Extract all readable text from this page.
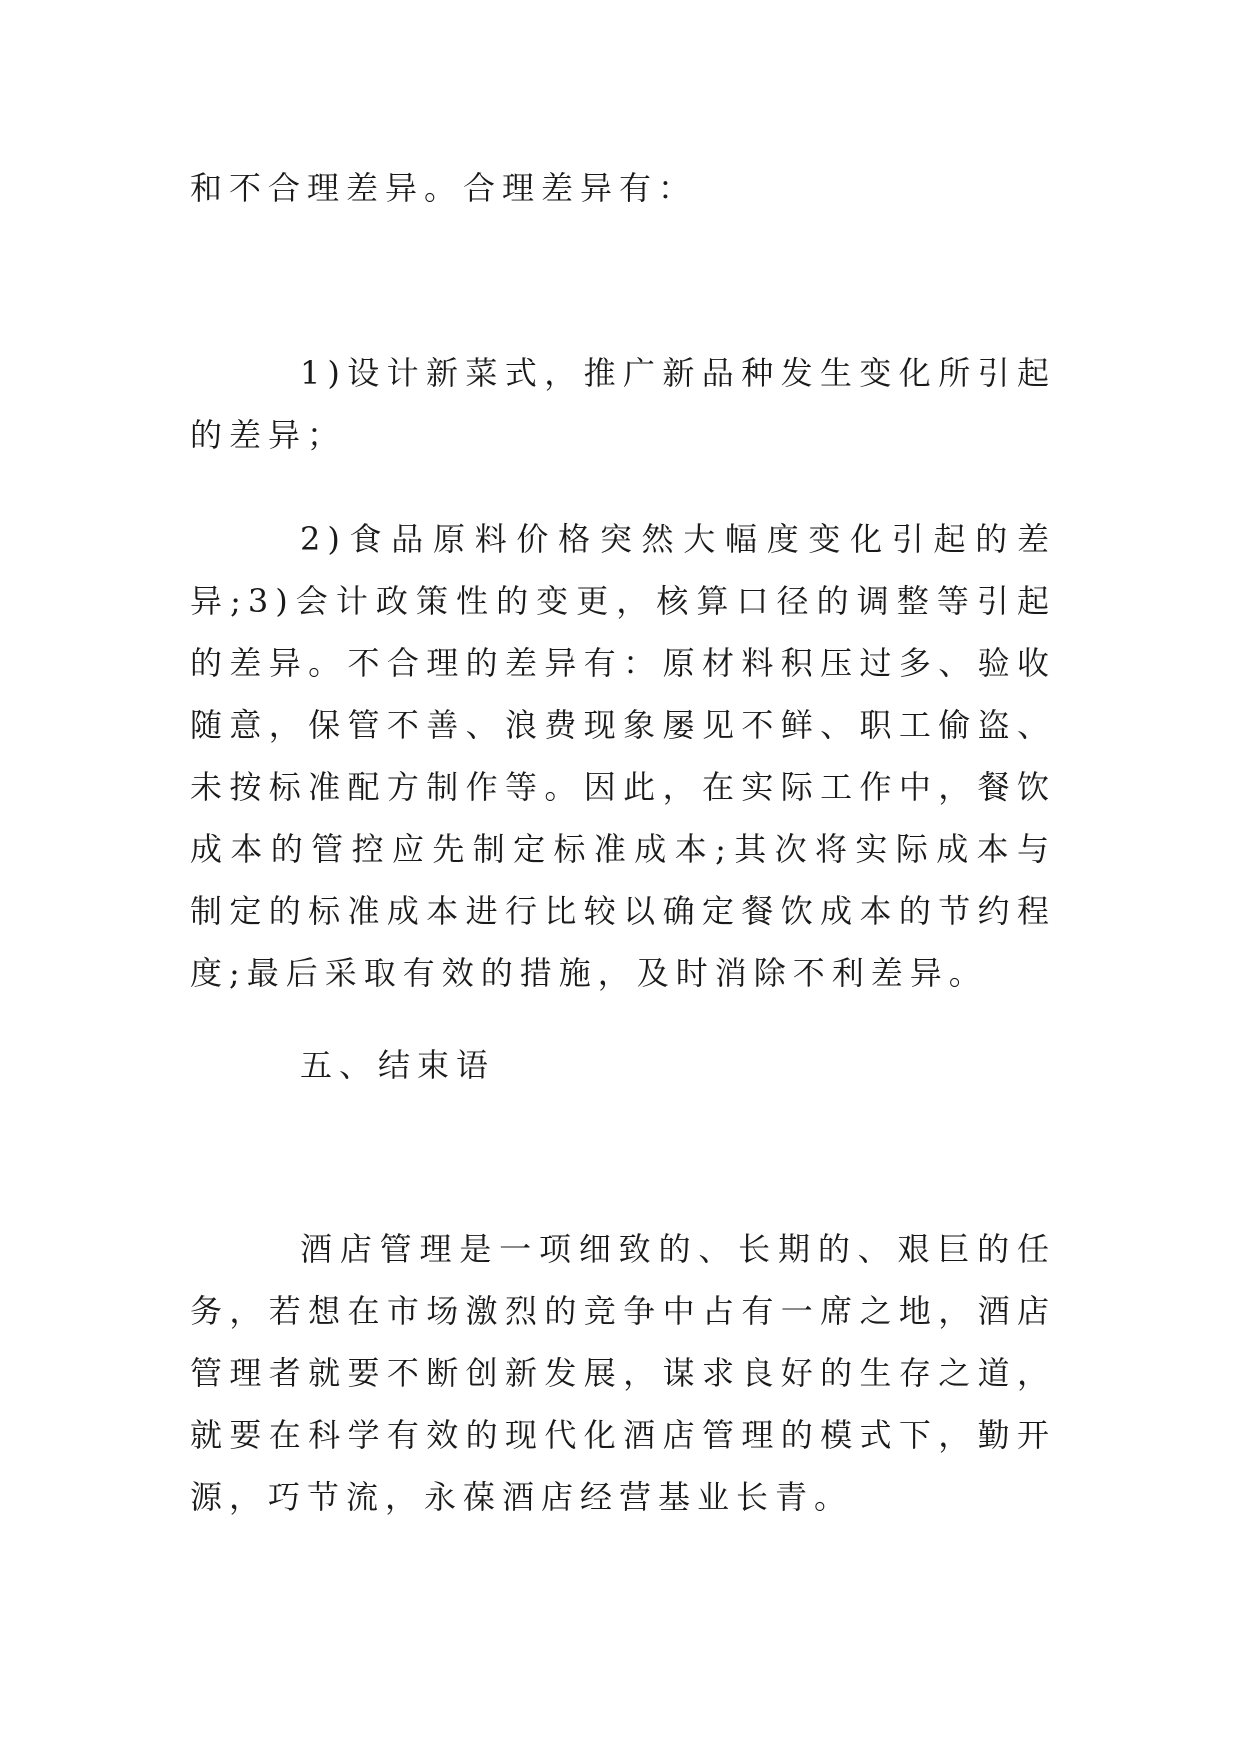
和不合理差异。合理差异有：

1)设计新菜式，推广新品种发生变化所引起的差异；

2)食品原料价格突然大幅度变化引起的差异;3)会计政策性的变更，核算口径的调整等引起的差异。不合理的差异有：原材料积压过多、验收随意，保管不善、浪费现象屡见不鲜、职工偷盗、未按标准配方制作等。因此，在实际工作中，餐饮成本的管控应先制定标准成本;其次将实际成本与制定的标准成本进行比较以确定餐饮成本的节约程度;最后采取有效的措施，及时消除不利差异。

五、结束语

酒店管理是一项细致的、长期的、艰巨的任务，若想在市场激烈的竞争中占有一席之地，酒店管理者就要不断创新发展，谋求良好的生存之道，就要在科学有效的现代化酒店管理的模式下，勤开源，巧节流，永葆酒店经营基业长青。
